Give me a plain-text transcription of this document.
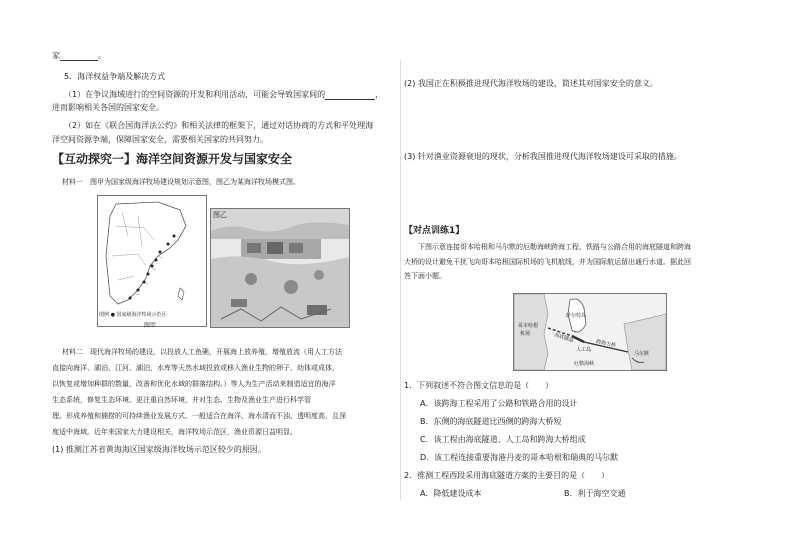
家	。
5．海洋权益争端及解决方式
（1）在争议海域进行的空间资源的开发和利用活动，可能会导致国家间的	，
进而影响相关各国的国家安全。
（2）如在《联合国海洋法公约》和相关法律的框架下，通过对话协商的方式和平处理海
洋空间资源争端，保障国家安全，需要相关国家的共同努力。
【互动探究一】海洋空间资源开发与国家安全
材料一　图甲为国家级海洋牧场建设规划示意图，图乙为某海洋牧场模式图。
图乙
图例 ● 国家级海洋牧场示范区
图甲
材料二　现代海洋牧场的建设，以投放人工鱼礁，开展海上放养殖，增殖放流（用人工方法
直接向海洋、湖泊、江河、湖泊、水库等天然水域投放或移入渔业生物的卵子、幼体或成体，
以恢复或增加种群的数量，改善和优化水域的群落结构。）等人为生产活动来制造适宜的海洋
生态系统，修复生态环境。更注重自然环境，并对生态、生物及渔业生产进行科学管
理。形成养殖和捕捞的可持续渔业发展方式。一般适合在海洋、海水清而不浊、透明度高，且深
度适中海域。近年来国家大力建设相关，海洋牧场示范区，渔业资源日益明显。
(1) 推测江苏省黄海海区国家级海洋牧场示范区较少的原因。
(2) 我国正在积极推进现代海洋牧场的建设，简述其对国家安全的意义。
(3) 针对渔业资源衰退的现状，分析我国推进现代海洋牧场建设可采取的措施。
【对点训练1】
下图示意连接哥本哈根和马尔默的厄勒海峡跨海工程，铁路与公路合用的海底隧道和跨海
大桥的设计避免干扰飞向哥本哈根国际机场的飞机航线，并为国际航运留出通行水道。据此回
答下面小题。
哥本哈根
机场
萨尔特岛
海底隧道
人工岛
跨海大桥
马尔默
厄勒海峡
1．下列叙述不符合图文信息的是（　　）
A．该跨海工程采用了公路和铁路合用的设计
B．东侧的海底隧道比西侧的跨海大桥短
C．该工程由海底隧道、人工岛和跨海大桥组成
D．该工程连接重要海港丹麦的哥本哈根和瑞典的马尔默
2．推测工程西段采用海底隧道方案的主要目的是（　　）
A．降低建设成本	B．利于海空交通
